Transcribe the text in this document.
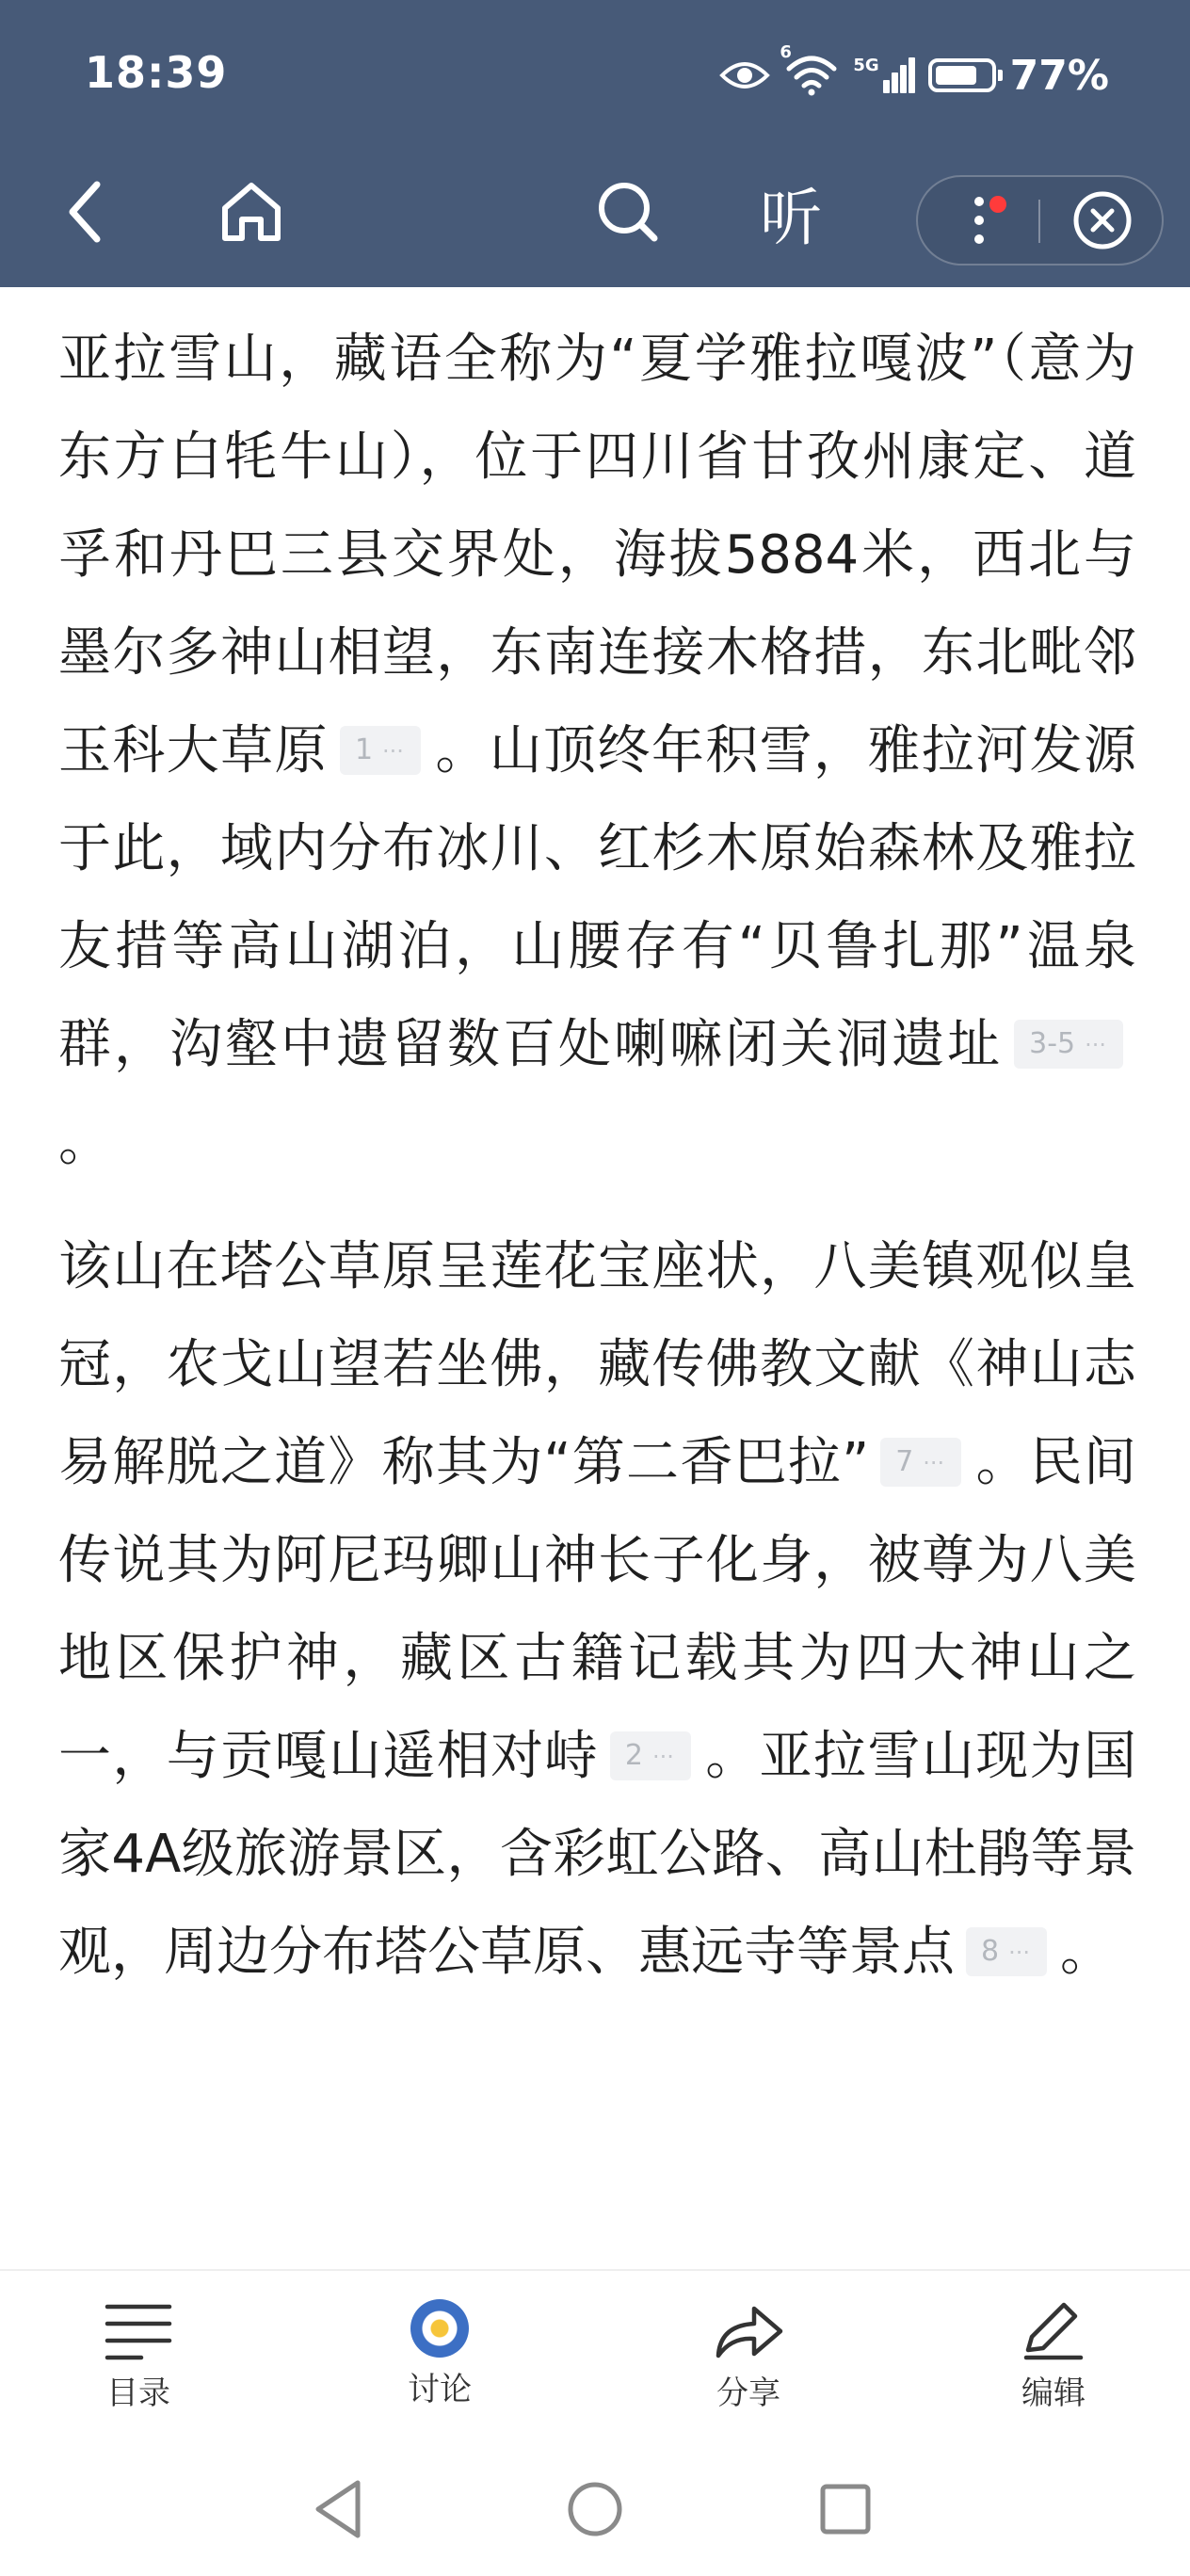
18:39	6
5G	77%
听

亚拉雪山，藏语全称为“夏学雅拉嘎波”（意为东方白牦牛山），位于四川省甘孜州康定、道孚和丹巴三县交界处，海拔5884米，西北与墨尔多神山相望，东南连接木格措，东北毗邻玉科大草原 1 ··· 。山顶终年积雪，雅拉河发源于此，域内分布冰川、红杉木原始森林及雅拉友措等高山湖泊，山腰存有“贝鲁扎那”温泉群，沟壑中遗留数百处喇嘛闭关洞遗址 3-5 ···。

该山在塔公草原呈莲花宝座状，八美镇观似皇冠，农戈山望若坐佛，藏传佛教文献《神山志易解脱之道》称其为“第二香巴拉” 7 ··· 。民间传说其为阿尼玛卿山神长子化身，被尊为八美地区保护神，藏区古籍记载其为四大神山之一，与贡嘎山遥相对峙 2 ··· 。亚拉雪山现为国家4A级旅游景区，含彩虹公路、高山杜鹃等景观，周边分布塔公草原、惠远寺等景点 8 ··· 。

目录	讨论	分享	编辑
